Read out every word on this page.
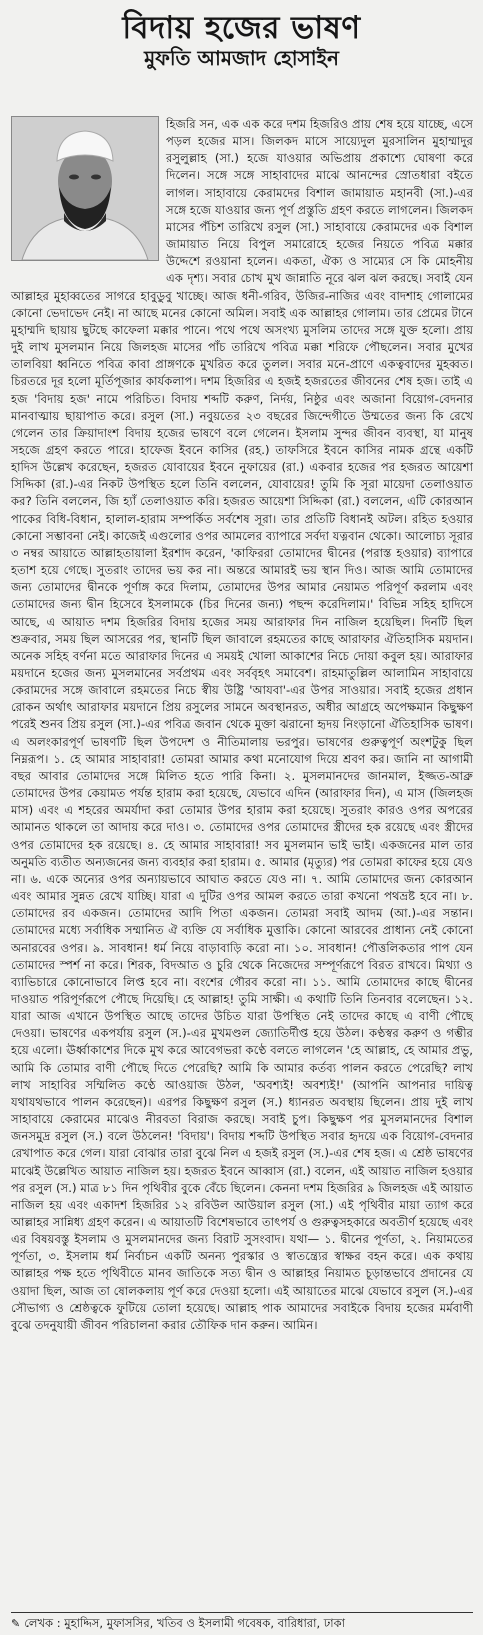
বিদায় হজের ভাষণ
মুফতি আমজাদ হোসাইন

হিজরি সন, এক এক করে দশম হিজরিও প্রায় শেষ হয়ে যাচ্ছে, এসে পড়ল হজের মাস। জিলকদ মাসে সায়্যেদুল মুরসালিন মুহাম্মাদুর রসুলুল্লাহ (সা.) হজে যাওয়ার অভিপ্রায় প্রকাশ্যে ঘোষণা করে দিলেন। সঙ্গে সঙ্গে সাহাবাদের মাঝে আনন্দের স্রোতধারা বইতে লাগল। সাহাবায়ে কেরামদের বিশাল জামায়াত মহানবী (সা.)-এর সঙ্গে হজে যাওয়ার জন্য পূর্ণ প্রস্তুতি গ্রহণ করতে লাগলেন। জিলকদ মাসের পঁচিশ তারিখে রসুল (সা.) সাহাবায়ে কেরামদের এক বিশাল জামায়াত নিয়ে বিপুল সমারোহে হজের নিয়তে পবিত্র মক্কার উদ্দেশে রওয়ানা হলেন। একতা, ঐক্য ও সাম্যের সে কি মোহনীয় এক দৃশ্য। সবার চোখ মুখ জান্নাতি নূরে ঝল ঝল করছে। সবাই যেন আল্লাহর মুহাব্বতের সাগরে হাবুডুবু খাচ্ছে। আজ ধনী-গরিব, উজির-নাজির এবং বাদশাহ গোলামের কোনো ভেদাভেদ নেই। না আছে মনের কোনো অমিল। সবাই এক আল্লাহর গোলাম। তার প্রেমের টানে মুহাম্মদি ছায়ায় ছুটছে কাফেলা মক্কার পানে। পথে পথে অসংখ্য মুসলিম তাদের সঙ্গে যুক্ত হলো। প্রায় দুই লাখ মুসলমান নিয়ে জিলহজ মাসের পাঁচ তারিখে পবিত্র মক্কা শরিফে পৌছলেন। সবার মুখের তালবিয়া ধ্বনিতে পবিত্র কাবা প্রাঙ্গণকে মুখরিত করে তুলল। সবার মনে-প্রাণে একত্ববাদের মুহব্বত। চিরতরে দূর হলো মূর্তিপূজার কার্যকলাপ। দশম হিজরির এ হজই হজরতের জীবনের শেষ হজ। তাই এ হজ 'বিদায় হজ' নামে পরিচিত। বিদায় শব্দটি করুণ, নির্দয়, নিষ্ঠুর এবং অজানা বিয়োগ-বেদনার মানবাত্মায় ছায়াপাত করে। রসুল (সা.) নবুয়তের ২৩ বছরের জিন্দেগীতে উম্মতের জন্য কি রেখে গেলেন তার ক্রিয়াদাংশ বিদায় হজের ভাষণে বলে গেলেন। ইসলাম সুন্দর জীবন ব্যবস্থা, যা মানুষ সহজে গ্রহণ করতে পারে। হাফেজ ইবনে কাসির (রহ.) তাফসিরে ইবনে কাসির নামক গ্রন্থে একটি হাদিস উল্লেখ করেছেন, হজরত যোবায়ের ইবনে নুফায়ের (রা.) একবার হজের পর হজরত আয়েশা সিদ্দিকা (রা.)-এর নিকট উপস্থিত হলে তিনি বললেন, যোবায়ের! তুমি কি সূরা মায়েদা তেলাওয়াত কর? তিনি বললেন, জি হ্যাঁ তেলাওয়াত করি। হজরত আয়েশা সিদ্দিকা (রা.) বললেন, এটি কোরআন পাকের বিধি-বিধান, হালাল-হারাম সম্পর্কিত সর্বশেষ সূরা। তার প্রতিটি বিধানই অটল। রহিত হওয়ার কোনো সম্ভাবনা নেই। কাজেই এগুলোর ওপর আমলের ব্যাপারে সর্বদা যত্নবান থেকো। আলোচ্য সূরার ৩ নম্বর আয়াতে আল্লাহতায়ালা ইরশাদ করেন, 'কাফিররা তোমাদের দ্বীনের (পরাস্ত হওয়ার) ব্যাপারে হতাশ হয়ে গেছে। সুতরাং তাদের ভয় কর না। অন্তরে আমারই ভয় স্থান দিও। আজ আমি তোমাদের জন্য তোমাদের দ্বীনকে পূর্ণাঙ্গ করে দিলাম, তোমাদের উপর আমার নেয়ামত পরিপূর্ণ করলাম এবং তোমাদের জন্য দ্বীন হিসেবে ইসলামকে (চির দিনের জন্য) পছন্দ করেদিলাম।' বিভিন্ন সহিহ হাদিসে আছে, এ আয়াত দশম হিজরির বিদায় হজের সময় আরাফার দিন নাজিল হয়েছিল। দিনটি ছিল শুক্রবার, সময় ছিল আসরের পর, স্থানটি ছিল জাবালে রহমতের কাছে আরাফার ঐতিহাসিক ময়দান। অনেক সহিহ বর্ণনা মতে আরাফার দিনের এ সময়ই খোলা আকাশের নিচে দোয়া কবুল হয়। আরাফার ময়দানে হজের জন্য মুসলমানের সর্বপ্রথম এবং সর্ববৃহৎ সমাবেশ। রাহমাতুল্লিল আলামিন সাহাবায়ে কেরামদের সঙ্গে জাবালে রহমতের নিচে স্বীয় উষ্ট্রি 'আযবা'-এর উপর সাওয়ার। সবাই হজের প্রধান রোকন অর্থাৎ আরাফার ময়দানে প্রিয় রসুলের সামনে অবস্থানরত, অধীর আগ্রহে অপেক্ষমান কিছুক্ষণ পরেই শুনব প্রিয় রসুল (সা.)-এর পবিত্র জবান থেকে মুক্তা ঝরানো হৃদয় নিংড়ানো ঐতিহাসিক ভাষণ। এ অলংকারপূর্ণ ভাষণটি ছিল উপদেশ ও নীতিমালায় ভরপুর। ভাষণের গুরুত্বপূর্ণ অংশটুকু ছিল নিম্নরূপ। ১. হে আমার সাহাবারা! তোমরা আমার কথা মনোযোগ দিয়ে শ্রবণ কর। জানি না আগামী বছর আবার তোমাদের সঙ্গে মিলিত হতে পারি কিনা। ২. মুসলমানদের জানমাল, ইজ্জত-আব্রু তোমাদের উপর কেয়ামত পর্যন্ত হারাম করা হয়েছে, যেভাবে এদিন (আরাফার দিন), এ মাস (জিলহজ মাস) এবং এ শহরের অমর্যাদা করা তোমার উপর হারাম করা হয়েছে। সুতরাং কারও ওপর অপরের আমানত থাকলে তা আদায় করে দাও। ৩. তোমাদের ওপর তোমাদের স্ত্রীদের হক রয়েছে এবং স্ত্রীদের ওপর তোমাদের হক রয়েছে। ৪. হে আমার সাহাবারা! সব মুসলমান ভাই ভাই। একজনের মাল তার অনুমতি ব্যতীত অন্যজনের জন্য ব্যবহার করা হারাম। ৫. আমার (মৃত্যুর) পর তোমরা কাফের হয়ে যেও না। ৬. একে অন্যের ওপর অন্যায়ভাবে আঘাত করতে যেও না। ৭. আমি তোমাদের জন্য কোরআন এবং আমার সুন্নত রেখে যাচ্ছি। যারা এ দুটির ওপর আমল করতে তারা কখনো পথভ্রষ্ট হবে না। ৮. তোমাদের রব একজন। তোমাদের আদি পিতা একজন। তোমরা সবাই আদম (আ.)-এর সন্তান। তোমাদের মধ্যে সর্বাধিক সম্মানিত ঐ ব্যক্তি যে সর্বাধিক মুত্তাকি। কোনো আরবের প্রাধান্য নেই কোনো অনারবের ওপর। ৯. সাবধান! ধর্ম নিয়ে বাড়াবাড়ি করো না। ১০. সাবধান! পৌত্তলিকতার পাপ যেন তোমাদের স্পর্শ না করে। শিরক, বিদআত ও চুরি থেকে নিজেদের সম্পূর্ণরূপে বিরত রাখবে। মিথ্যা ও ব্যাভিচারে কোনোভাবে লিপ্ত হবে না। বংশের গৌরব করো না। ১১. আমি তোমাদের কাছে দ্বীনের দাওয়াত পরিপূর্ণরূপে পৌছে দিয়েছি। হে আল্লাহ! তুমি সাক্ষী। এ কথাটি তিনি তিনবার বলেছেন। ১২. যারা আজ এখানে উপস্থিত আছে তাদের উচিত যারা উপস্থিত নেই তাদের কাছে এ বাণী পৌছে দেওয়া। ভাষণের একপর্যায় রসুল (স.)-এর মুখমণ্ডল জ্যোতির্দীপ্ত হয়ে উঠল। কণ্ঠস্বর করুণ ও গম্ভীর হয়ে এলো। ঊর্ধ্বাকাশের দিকে মুখ করে আবেগভরা কণ্ঠে বলতে লাগলেন 'হে আল্লাহ, হে আমার প্রভু, আমি কি তোমার বাণী পৌছে দিতে পেরেছি? আমি কি আমার কর্তব্য পালন করতে পেরেছি? লাখ লাখ সাহাবির সম্মিলিত কণ্ঠে আওয়াজ উঠল, 'অবশ্যই! অবশ্যই!' (আপনি আপনার দায়িত্ব যথাযথভাবে পালন করেছেন)। এরপর কিছুক্ষণ রসুল (স.) ধ্যানরত অবস্থায় ছিলেন। প্রায় দুই লাখ সাহাবায়ে কেরামের মাঝেও নীরবতা বিরাজ করছে। সবাই চুপ। কিছুক্ষণ পর মুসলমানদের বিশাল জনসমুদ্র রসুল (স.) বলে উঠলেন! 'বিদায়'। বিদায় শব্দটি উপস্থিত সবার হৃদয়ে এক বিয়োগ-বেদনার রেখাপাত করে গেল। যারা বোঝার তারা বুঝে নিল এ হজই রসুল (স.)-এর শেষ হজ। এ শ্রেষ্ঠ ভাষণের মাঝেই উল্লেখিত আয়াত নাজিল হয়। হজরত ইবনে আব্বাস (রা.) বলেন, এই আয়াত নাজিল হওয়ার পর রসুল (স.) মাত্র ৮১ দিন পৃথিবীর বুকে বেঁচে ছিলেন। কেননা দশম হিজরির ৯ জিলহজ এই আয়াত নাজিল হয় এবং একাদশ হিজরির ১২ রবিউল আউয়াল রসুল (সা.) এই পৃথিবীর মায়া ত্যাগ করে আল্লাহর সান্নিধ্য গ্রহণ করেন। এ আয়াতটি বিশেষভাবে তাৎপর্য ও গুরুত্বসহকারে অবতীর্ণ হয়েছে এবং এর বিষয়বস্তু ইসলাম ও মুসলমানদের জন্য বিরাট সুসংবাদ। যথা— ১. দ্বীনের পূর্ণতা, ২. নিয়ামতের পূর্ণতা, ৩. ইসলাম ধর্ম নির্বাচন একটি অনন্য পুরস্কার ও স্বাতন্ত্র্যের স্বাক্ষর বহন করে। এক কথায় আল্লাহর পক্ষ হতে পৃথিবীতে মানব জাতিকে সত্য দ্বীন ও আল্লাহর নিয়ামত চূড়ান্তভাবে প্রদানের যে ওয়াদা ছিল, আজ তা ষোলকলায় পূর্ণ করে দেওয়া হলো। এই আয়াতের মাঝে যেভাবে রসুল (স.)-এর সৌভাগ্য ও শ্রেষ্ঠত্বকে ফুটিয়ে তোলা হয়েছে। আল্লাহ পাক আমাদের সবাইকে বিদায় হজের মর্মবাণী বুঝে তদনুযায়ী জীবন পরিচালনা করার তৌফিক দান করুন। আমিন।

✎ লেখক : মুহাদ্দিস, মুফাসসির, খতিব ও ইসলামী গবেষক, বারিধারা, ঢাকা
